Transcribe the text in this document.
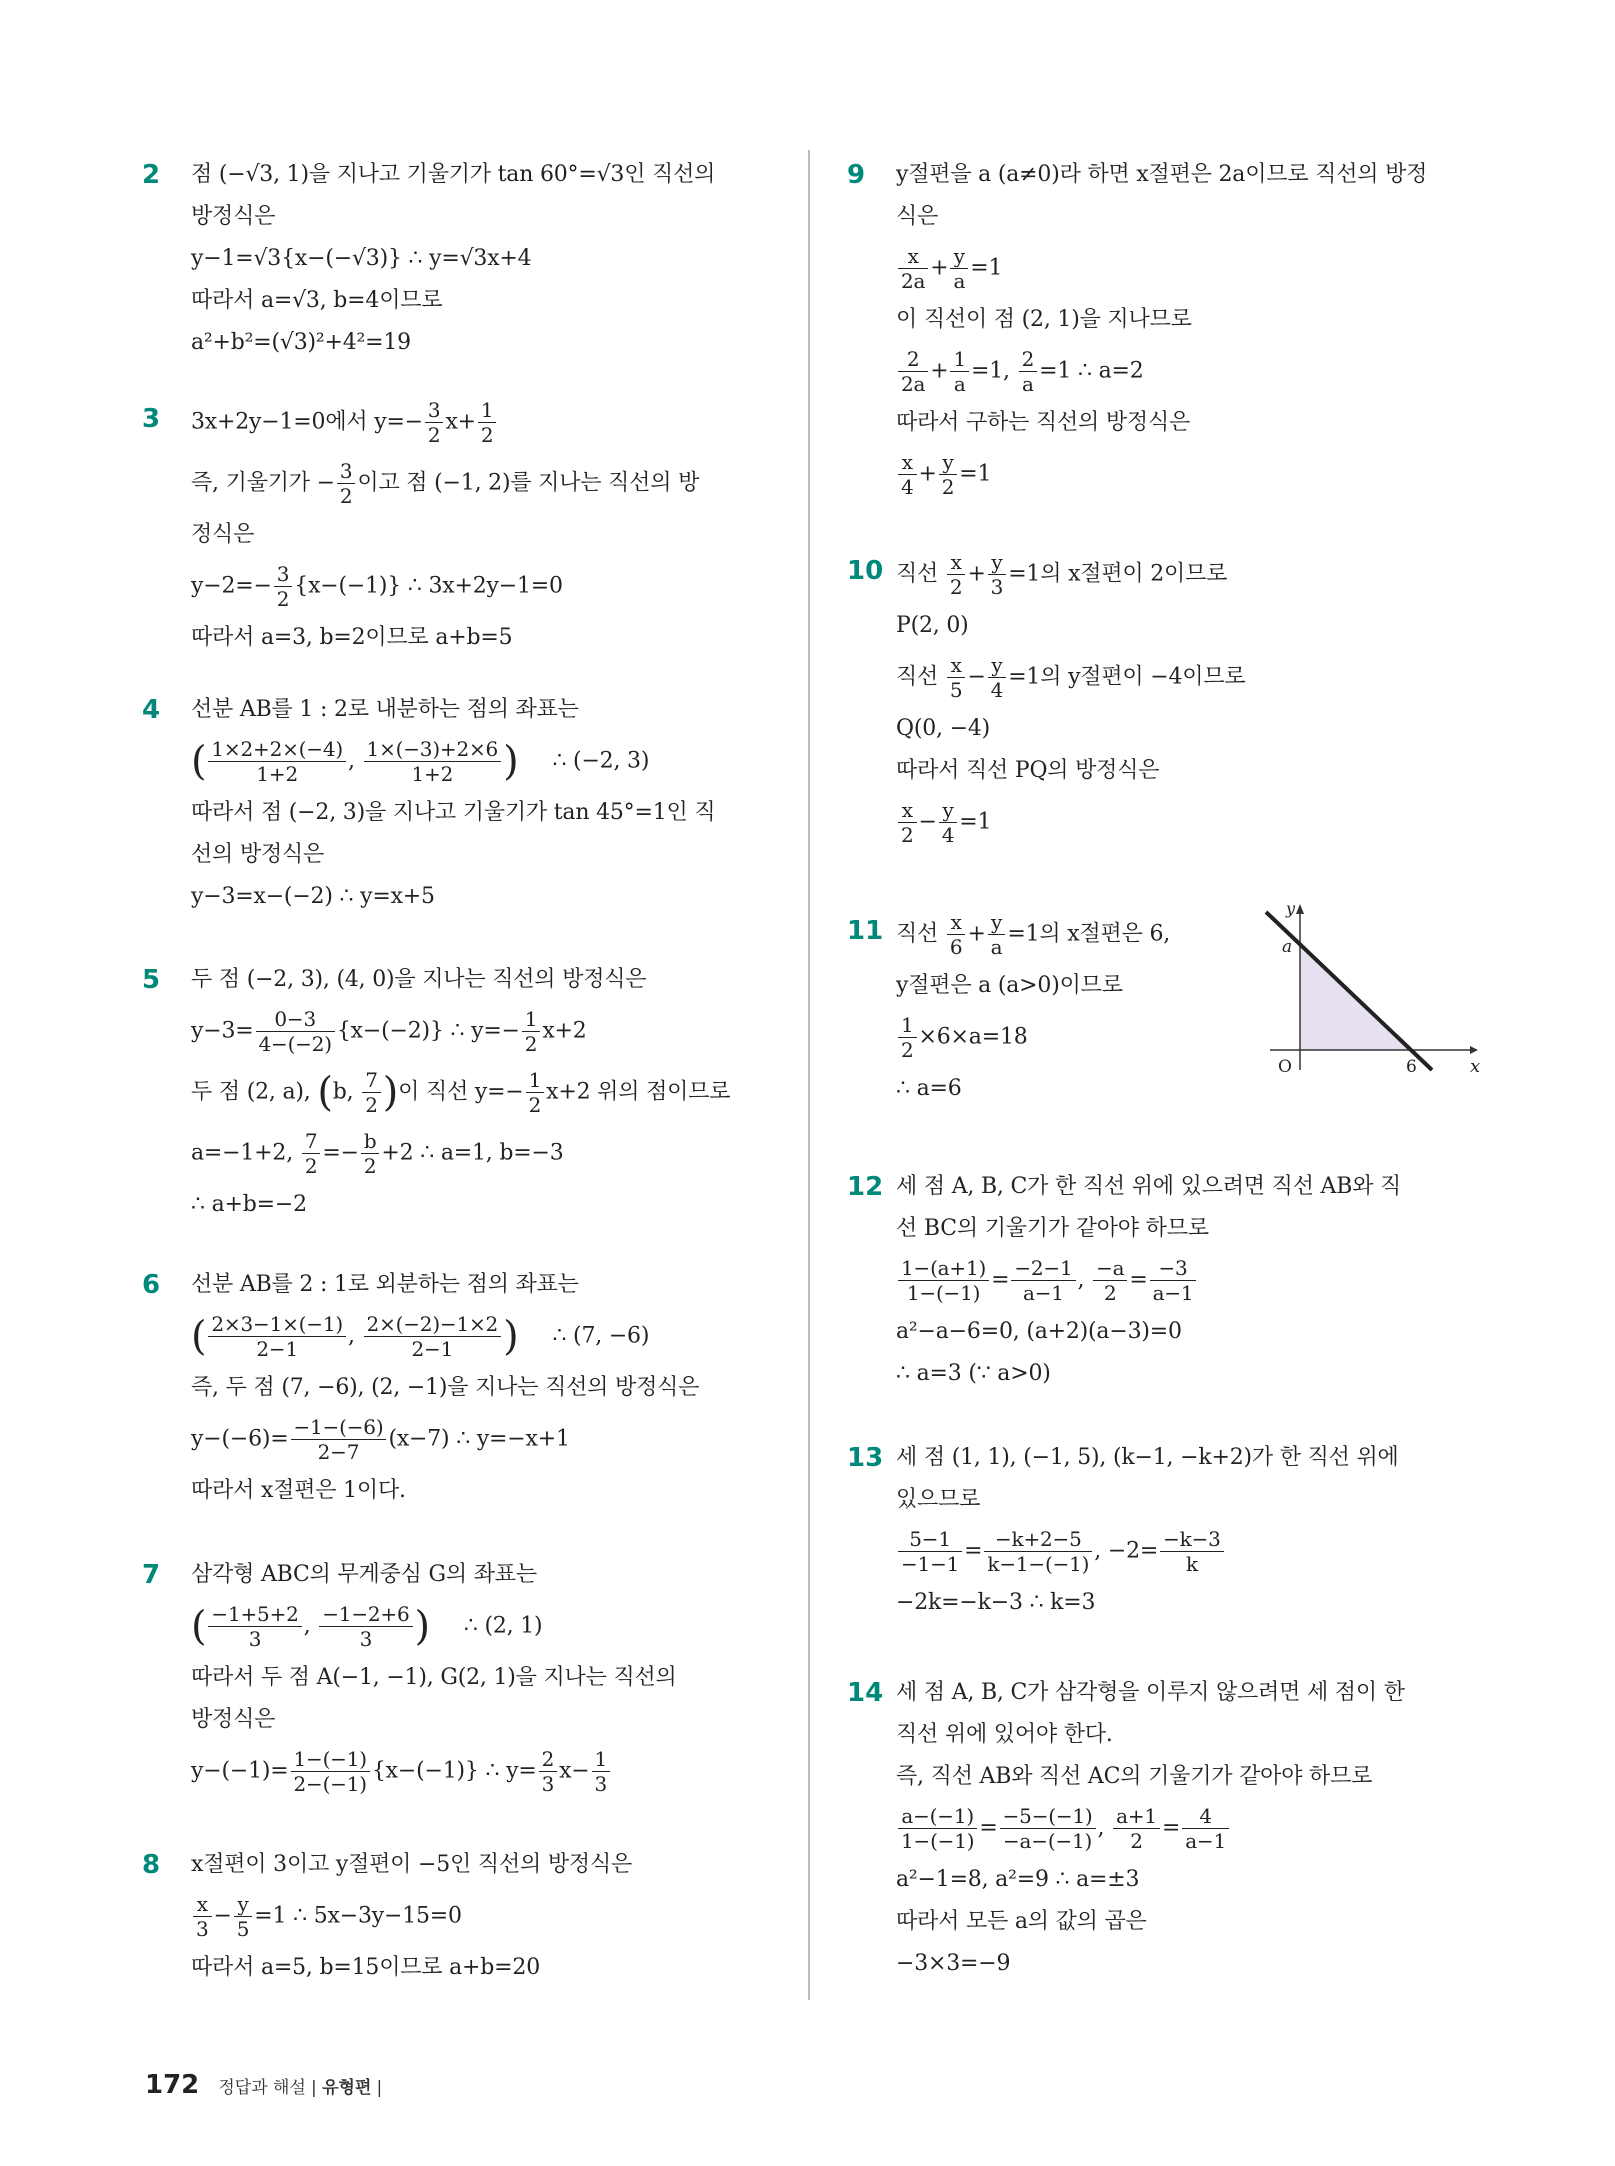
2 점 (−√3, 1)을 지나고 기울기가 tan 60°=√3인 직선의
방정식은
y−1=√3{x−(−√3)} ∴ y=√3x+4
따라서 a=√3, b=4이므로
a²+b²=(√3)²+4²=19
3 3x+2y−1=0에서 $y=- \frac{3}{2} x+ \frac{1}{2}$
즉, 기울기가 − $\frac{3}{2}$ 이고 점 (−1, 2)를 지나는 직선의 방
정식은
$y-2=- \frac{3}{2} \{x-(-1)\}$ ∴ 3x+2y−1=0
따라서 a=3, b=2이므로 a+b=5
4 선분 AB를 1 : 2로 내분하는 점의 좌표는
( $\frac{1\times 2+2\times(-4)}{1+2}$ , $\frac{1\times(-3)+2\times 6}{1+2}$ ) ∴ (−2, 3)
따라서 점 (−2, 3)을 지나고 기울기가 tan 45°=1인 직
선의 방정식은
y−3=x−(−2) ∴ y=x+5
5 두 점 (−2, 3), (4, 0)을 지나는 직선의 방정식은
$y-3= \frac{0-3}{4-(-2)} \{x-(-2)\}$ ∴ $y=- \frac{1}{2} x+2$
두 점 (2, a), (b, $\frac{7}{2}$ )이 직선 $y=- \frac{1}{2} x+2$ 위의 점이므로
a=−1+2, $\frac{7}{2} =- \frac{b}{2} +2$ ∴ a=1, b=−3
∴ a+b=−2
6 선분 AB를 2 : 1로 외분하는 점의 좌표는
( $\frac{2\times 3-1\times(-1)}{2-1}$ , $\frac{2\times(-2)-1\times 2}{2-1}$ ) ∴ (7, −6)
즉, 두 점 (7, −6), (2, −1)을 지나는 직선의 방정식은
$y-(-6)= \frac{-1-(-6)}{2-7} (x-7)$ ∴ y=−x+1
따라서 x절편은 1이다.
7 삼각형 ABC의 무게중심 G의 좌표는
( $\frac{-1+5+2}{3}$ , $\frac{-1-2+6}{3}$ ) ∴ (2, 1)
따라서 두 점 A(−1, −1), G(2, 1)을 지나는 직선의
방정식은
$y-(-1)= \frac{1-(-1)}{2-(-1)} \{x-(-1)\}$ ∴ $y= \frac{2}{3} x- \frac{1}{3}$
8 x절편이 3이고 y절편이 −5인 직선의 방정식은
$\frac{x}{3} - \frac{y}{5} =1$ ∴ 5x−3y−15=0
따라서 a=5, b=15이므로 a+b=20
9 y절편을 a (a≠0)라 하면 x절편은 2a이므로 직선의 방정
식은
$\frac{x}{2a} + \frac{y}{a} =1$
이 직선이 점 (2, 1)을 지나므로
$\frac{2}{2a} + \frac{1}{a} =1$, $\frac{2}{a} =1$ ∴ a=2
따라서 구하는 직선의 방정식은
$\frac{x}{4} + \frac{y}{2} =1$
10 직선 $\frac{x}{2} + \frac{y}{3} =1$의 x절편이 2이므로
P(2, 0)
직선 $\frac{x}{5} - \frac{y}{4} =1$의 y절편이 −4이므로
Q(0, −4)
따라서 직선 PQ의 방정식은
$\frac{x}{2} - \frac{y}{4} =1$
11 직선 $\frac{x}{6} + \frac{y}{a} =1$의 x절편은 6,
y절편은 a (a>0)이므로
$\frac{1}{2} \times 6\times a=18$
∴ a=6
y
x
O
a
6
12 세 점 A, B, C가 한 직선 위에 있으려면 직선 AB와 직
선 BC의 기울기가 같아야 하므로
$\frac{1-(a+1)}{1-(-1)} = \frac{-2-1}{a-1}$ , $\frac{-a}{2} = \frac{-3}{a-1}$
a²−a−6=0, (a+2)(a−3)=0
∴ a=3 (∵ a>0)
13 세 점 (1, 1), (−1, 5), (k−1, −k+2)가 한 직선 위에
있으므로
$\frac{5-1}{-1-1} = \frac{-k+2-5}{k-1-(-1)}$ , $-2= \frac{-k-3}{k}$
−2k=−k−3 ∴ k=3
14 세 점 A, B, C가 삼각형을 이루지 않으려면 세 점이 한
직선 위에 있어야 한다.
즉, 직선 AB와 직선 AC의 기울기가 같아야 하므로
$\frac{a-(-1)}{1-(-1)} = \frac{-5-(-1)}{-a-(-1)}$ , $\frac{a+1}{2} = \frac{4}{a-1}$
a²−1=8, a²=9 ∴ a=±3
따라서 모든 a의 값의 곱은
−3×3=−9
172 정답과 해설 | 유형편 |
